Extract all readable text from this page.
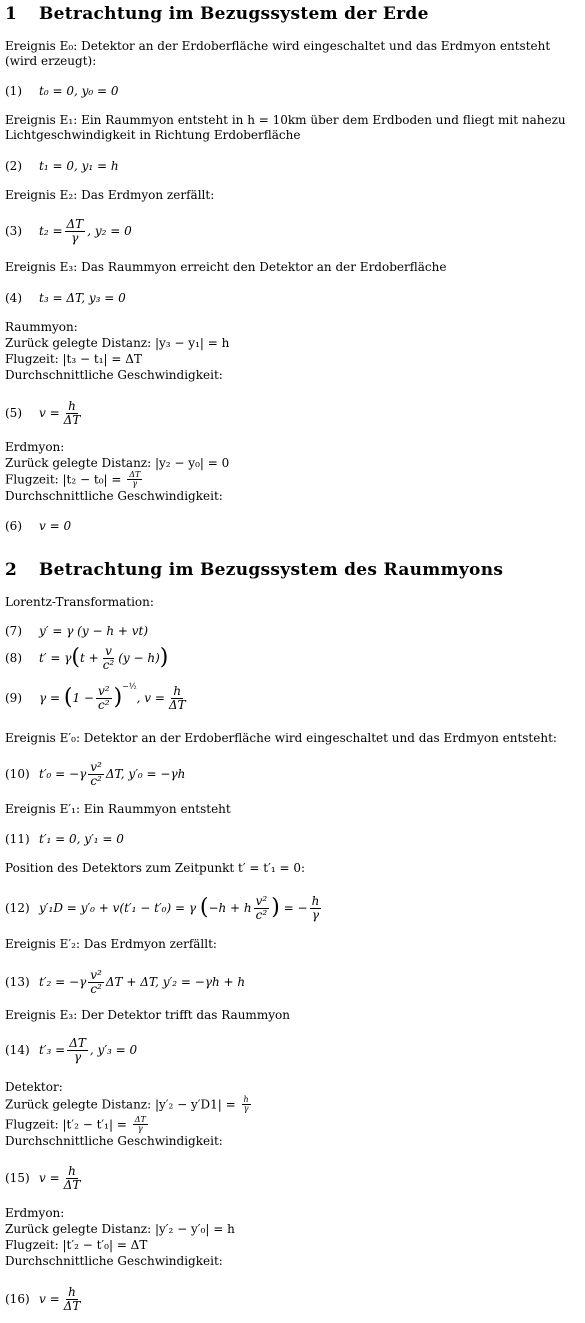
1 Betrachtung im Bezugssystem der Erde
Ereignis E₀: Detektor an der Erdoberfläche wird eingeschaltet und das Erdmyon entsteht (wird erzeugt):
(1)	t₀ = 0, y₀ = 0
Ereignis E₁: Ein Raummyon entsteht in h = 10km über dem Erdboden und fliegt mit nahezu Lichtgeschwindigkeit in Richtung Erdoberfläche
(2)	t₁ = 0, y₁ = h
Ereignis E₂: Das Erdmyon zerfällt:
(3)	$t_2 = \frac{\Delta T}{\gamma}$ , y₂ = 0
Ereignis E₃: Das Raummyon erreicht den Detektor an der Erdoberfläche
(4)	t₃ = ΔT, y₃ = 0
Raummyon:
Zurück gelegte Distanz: |y₃ − y₁| = h
Flugzeit: |t₃ − t₁| = ΔT
Durchschnittliche Geschwindigkeit:
(5)	$v = \frac{h}{\Delta T}$
Erdmyon:
Zurück gelegte Distanz: |y₂ − y₀| = 0
Flugzeit: $|t_2 - t_0| = \frac{\Delta T}{\gamma}$
Durchschnittliche Geschwindigkeit:
(6)	v = 0
2 Betrachtung im Bezugssystem des Raummyons
Lorentz-Transformation:
(7)	y′ = γ (y − h + vt)
(8)	t′ = γ ( $t + \frac{v}{\text{c²}} (y - h)$ )
(9)	γ =
( $1 - \frac{\text{v²}}{\text{c²}} )^{-\frac{1}{2}}$
, $v = \frac{h}{\Delta T}$
Ereignis E′₀: Detektor an der Erdoberfläche wird eingeschaltet und das Erdmyon entsteht:
(10) $t'_0 = -\gamma \frac{\text{v²}}{\text{c²}} \Delta T$, y′₀ = −γh
Ereignis E′₁: Ein Raummyon entsteht
(11) t′₁ = 0, y′₁ = 0
Position des Detektors zum Zeitpunkt t′ = t′₁ = 0:
(12) y′₁D = y′₀ + v(t′₁ − t′₀) = γ
( −h + h $\frac{\text{v²}}{\text{c²}}$ )
= − $\frac{h}{\gamma}$
Ereignis E′₂: Das Erdmyon zerfällt:
(13) $t'_2 = -\gamma \frac{\text{v²}}{\text{c²}}$ ΔT + ΔT, y′₂ = −γh + h
Ereignis E₃: Der Detektor trifft das Raummyon
(14) $t'_3 = \frac{\Delta T}{\gamma}$ , y′₃ = 0
Detektor:
Zurück gelegte Distanz: $|y'_2 - y'D1| = \frac{h}{\gamma}$
Flugzeit: $|t'_2 - t'_1| = \frac{\Delta T}{\gamma}$
Durchschnittliche Geschwindigkeit:
(15) $v = \frac{h}{\Delta T}$
Erdmyon:
Zurück gelegte Distanz: |y′₂ − y′₀| = h
Flugzeit: |t′₂ − t′₀| = ΔT
Durchschnittliche Geschwindigkeit:
(16) $v = \frac{h}{\Delta T}$
